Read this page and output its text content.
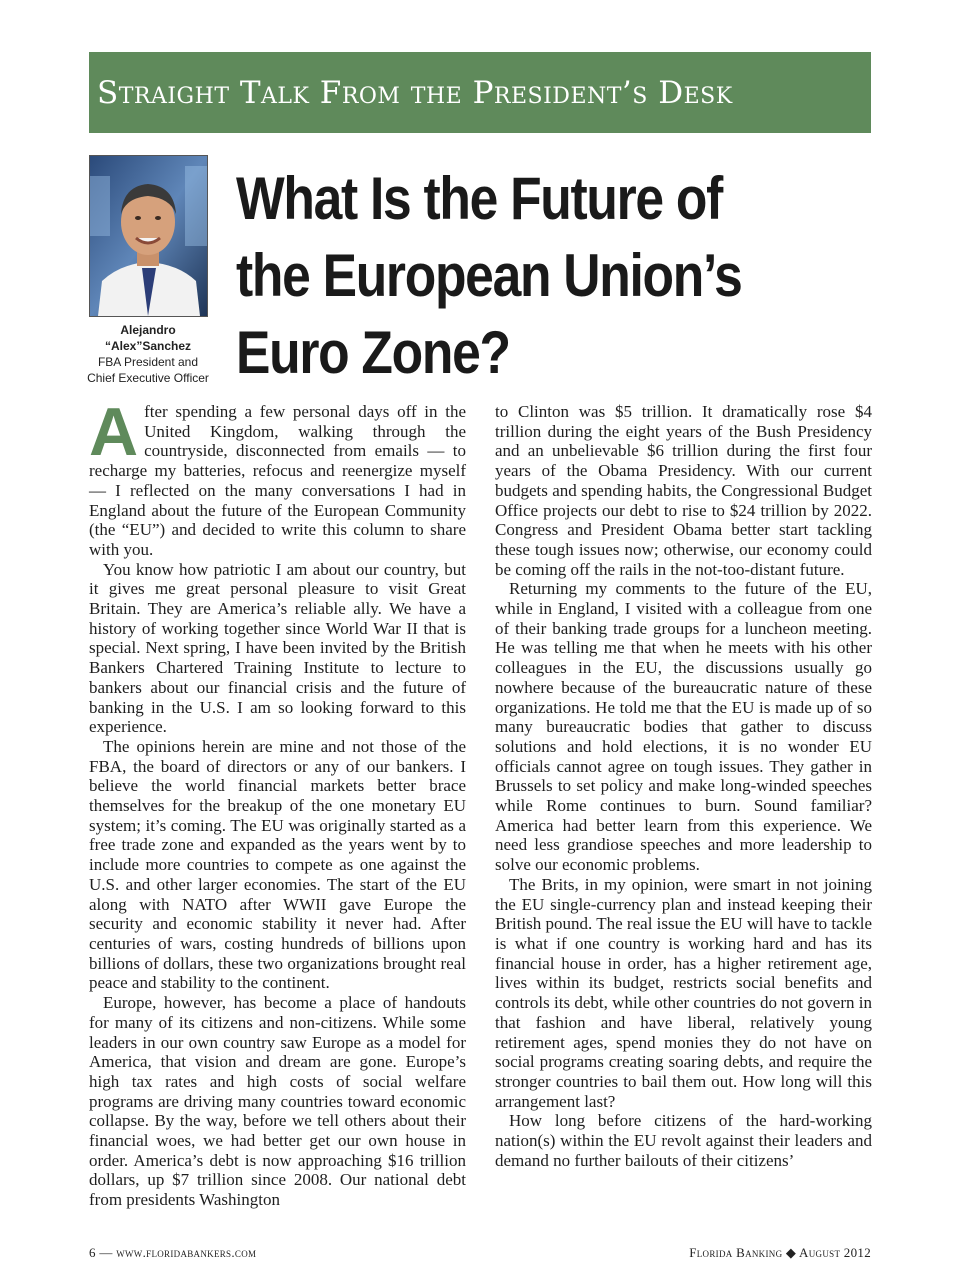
Straight Talk From the President’s Desk
Alejandro
“Alex”Sanchez
FBA President and
Chief Executive Officer
What Is the Future of
the European Union’s
Euro Zone?

After spending a few personal days off in the United Kingdom, walking through the countryside, disconnected from emails — to recharge my batteries, refocus and reenergize myself — I reflected on the many conversations I had in England about the future of the European Community (the “EU”) and decided to write this column to share with you.

You know how patriotic I am about our country, but it gives me great personal pleasure to visit Great Britain. They are America’s reliable ally. We have a history of working together since World War II that is special. Next spring, I have been invited by the British Bankers Chartered Training Institute to lecture to bankers about our financial crisis and the future of banking in the U.S. I am so looking forward to this experience.

The opinions herein are mine and not those of the FBA, the board of directors or any of our bankers. I believe the world financial markets better brace themselves for the breakup of the one monetary EU system; it’s coming. The EU was originally started as a free trade zone and expanded as the years went by to include more countries to compete as one against the U.S. and other larger economies. The start of the EU along with NATO after WWII gave Europe the security and economic stability it never had. After centuries of wars, costing hundreds of billions upon billions of dollars, these two organizations brought real peace and stability to the continent.

Europe, however, has become a place of handouts for many of its citizens and non-citizens. While some leaders in our own country saw Europe as a model for America, that vision and dream are gone. Europe’s high tax rates and high costs of social welfare programs are driving many countries toward economic collapse. By the way, before we tell others about their financial woes, we had better get our own house in order. America’s debt is now approaching $16 trillion dollars, up $7 trillion since 2008. Our national debt from presidents Washington

to Clinton was $5 trillion. It dramatically rose $4 trillion during the eight years of the Bush Presidency and an unbelievable $6 trillion during the first four years of the Obama Presidency. With our current budgets and spending habits, the Congressional Budget Office projects our debt to rise to $24 trillion by 2022. Congress and President Obama better start tackling these tough issues now; otherwise, our economy could be coming off the rails in the not-too-distant future.

Returning my comments to the future of the EU, while in England, I visited with a colleague from one of their banking trade groups for a luncheon meeting. He was telling me that when he meets with his other colleagues in the EU, the discussions usually go nowhere because of the bureaucratic nature of these organizations. He told me that the EU is made up of so many bureaucratic bodies that gather to discuss solutions and hold elections, it is no wonder EU officials cannot agree on tough issues. They gather in Brussels to set policy and make long-winded speeches while Rome continues to burn. Sound familiar? America had better learn from this experience. We need less grandiose speeches and more leadership to solve our economic problems.

The Brits, in my opinion, were smart in not joining the EU single-currency plan and instead keeping their British pound. The real issue the EU will have to tackle is what if one country is working hard and has its financial house in order, has a higher retirement age, lives within its budget, restricts social benefits and controls its debt, while other countries do not govern in that fashion and have liberal, relatively young retirement ages, spend monies they do not have on social programs creating soaring debts, and require the stronger countries to bail them out. How long will this arrangement last?

How long before citizens of the hard-working nation(s) within the EU revolt against their leaders and demand no further bailouts of their citizens’

6 — www.floridabankers.com	Florida Banking ◆ August 2012
